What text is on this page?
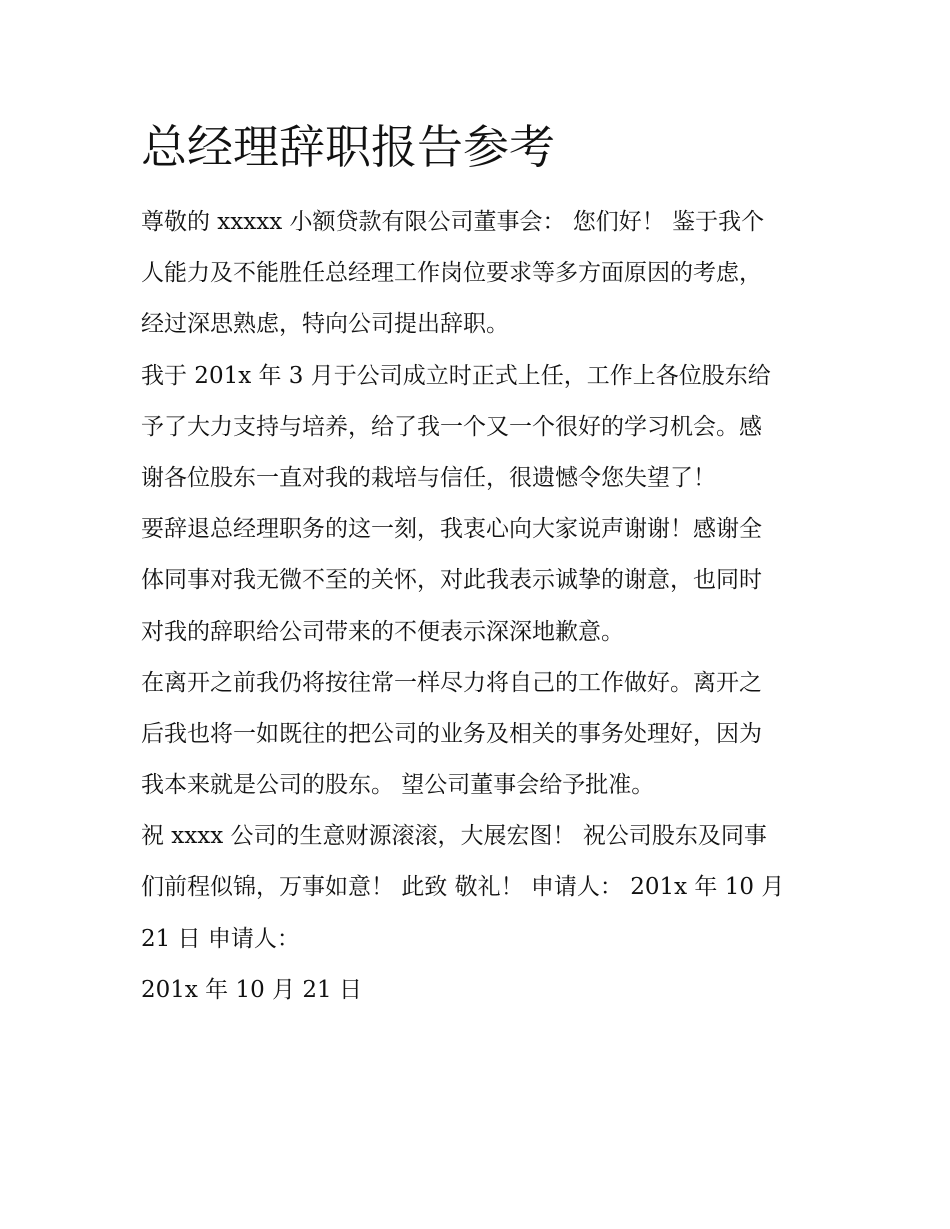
总经理辞职报告参考
尊敬的 xxxxx 小额贷款有限公司董事会： 您们好！ 鉴于我个
人能力及不能胜任总经理工作岗位要求等多方面原因的考虑，
经过深思熟虑，特向公司提出辞职。
我于 201x 年 3 月于公司成立时正式上任，工作上各位股东给
予了大力支持与培养，给了我一个又一个很好的学习机会。感
谢各位股东一直对我的栽培与信任，很遗憾令您失望了！
要辞退总经理职务的这一刻，我衷心向大家说声谢谢！感谢全
体同事对我无微不至的关怀，对此我表示诚挚的谢意，也同时
对我的辞职给公司带来的不便表示深深地歉意。
在离开之前我仍将按往常一样尽力将自己的工作做好。离开之
后我也将一如既往的把公司的业务及相关的事务处理好，因为
我本来就是公司的股东。 望公司董事会给予批准。
祝 xxxx 公司的生意财源滚滚，大展宏图！ 祝公司股东及同事
们前程似锦，万事如意！ 此致 敬礼！ 申请人： 201x 年 10 月
21 日 申请人：
201x 年 10 月 21 日
